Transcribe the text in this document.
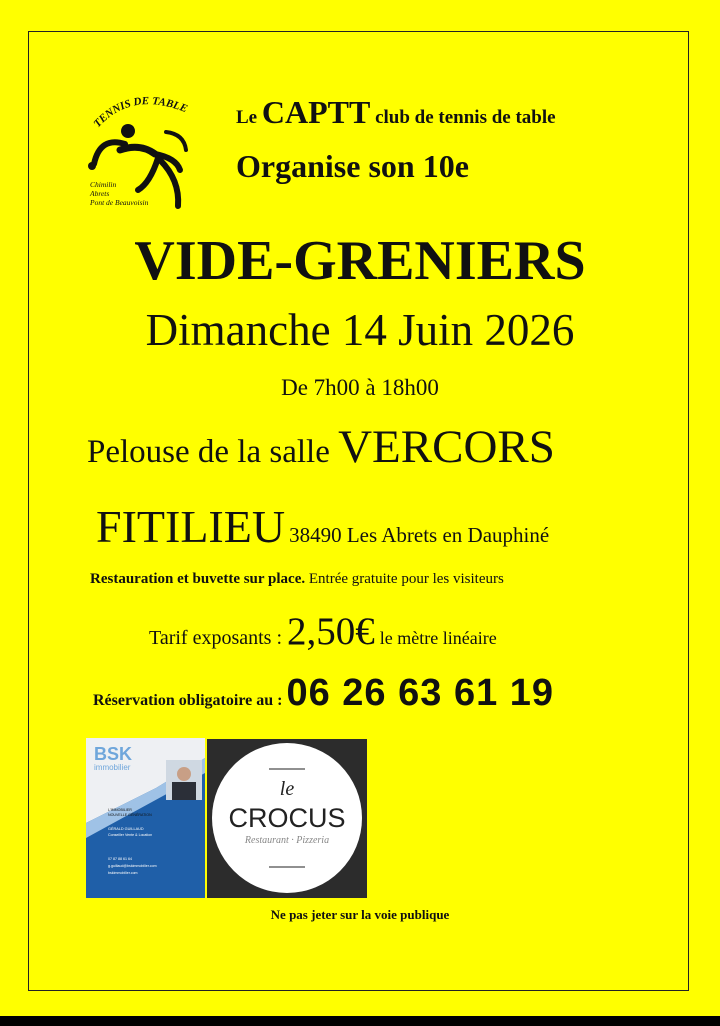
TENNIS DE TABLE
Chimilin
Abrets
Pont de Beauvoisin
Le CAPTT club de tennis de table
Organise son 10e
VIDE-GRENIERS
Dimanche 14 Juin 2026
De 7h00 à 18h00
Pelouse de la salle VERCORS
FITILIEU 38490 Les Abrets en Dauphiné
Restauration et buvette sur place. Entrée gratuite pour les visiteurs
Tarif exposants : 2,50€ le mètre linéaire
Réservation obligatoire au : 06 26 63 61 19
BSK
immobilier
L'IMMOBILIER
NOUVELLE GÉNÉRATION
GÉRALD GUILLAUD
Conseiller Vente & Location
07 87 88 61 64
g.guillaud@bskimmobilier.com
bskimmobilier.com
le
CROCUS
Restaurant · Pizzeria
Ne pas jeter sur la voie publique
